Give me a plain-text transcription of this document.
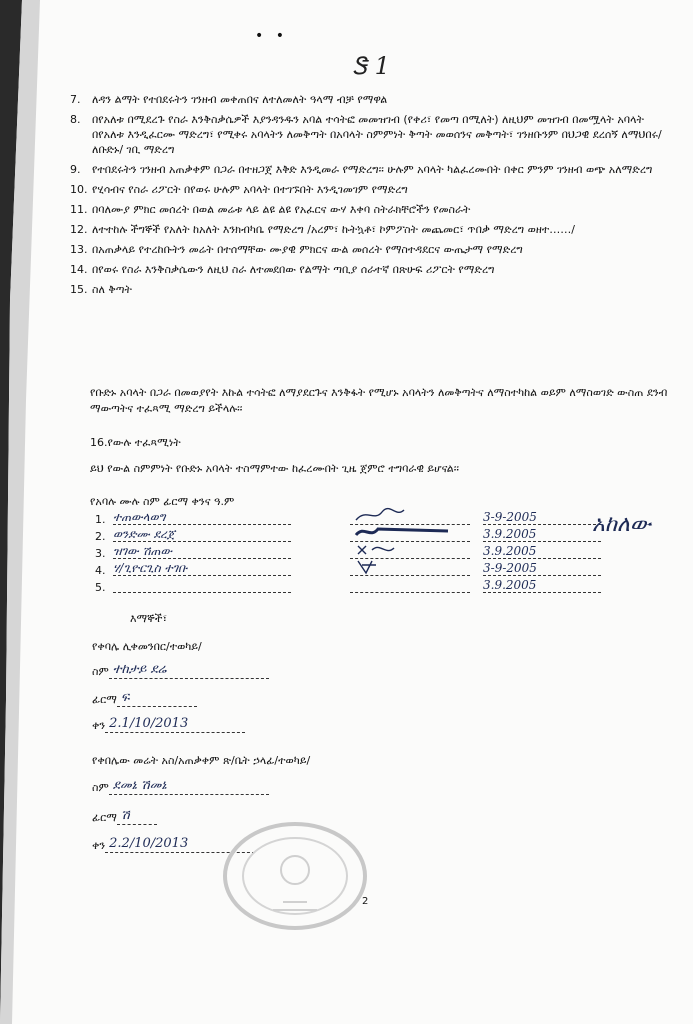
• •
Ꮥ 1
7. ለዳን ልማት የተበደሩትን ገንዘብ መቀጠበና ለተለመለት ዓላማ ብቻ የማዋል
8. በየአለቱ በሚደረጉ የስራ እንቅስቃሴዎች እያንዳንዱን አባል ተሳትፎ መመዝገብ (የቀሪ፣ የመጣ በሚለት) ለዚህም መዝገብ በመሟላት አባላት በየአለቱ እንዲፈርሙ ማድረግ፣ የሚቀሩ አባላትን ለመቅጣት በአባላት ስምምነት ቅጣት መወሰንና መቅጣት፣ ገንዘቡንም በህጋዊ ደረሰኝ ለማህበሩ/ለቡድኑ/ ገቢ ማድረግ
9. የተበደሩትን ገንዘብ አጠቃቀም በጋራ በተዘጋጀ እቅድ እንዲመራ የማድረግ፡፡ ሁሉም አባላት ካልፈረሙበት በቀር ምንም ገንዘብ ወጭ አለማድረግ
10. የሂሳብና የስራ ሪፖርት በየወሩ ሁሉም አባላት በተገኙበት እንዲገመገም የማድረግ
11. በባለሙያ ምክር መሰረት በወል መሬቱ ላይ ልዩ ልዩ የአፈርና ውሃ እቀባ ስትራክቸሮችን የመስራት
12. ለተተከሉ ችግኞች የአለት ከአለት እንክብካቤ የማድረግ /አረም፣ ኩትኳቶ፣ ኮምፖስት መጨመር፣ ጥበቃ ማድረግ ወዘተ……/
13. በአጠቃላይ የተረከቡትን መሬት በተሰማቸው ሙያዊ ምክርና ውል መሰረት የማስተዳደርና ውጤታማ የማድረግ
14. በየወሩ የስራ እንቅስቃሴውን ለዚህ ስራ ለተመደበው የልማት ጣቢያ ሰራተኛ በጽሁፍ ሪፖርት የማድረግ
15. ስለ ቅጣት
የቡድኑ አባላት በጋራ በመወያየት እኩል ተሳትፎ ለማያደርጉና እንቅፋት የሚሆኑ አባላትን ለመቅጣትና ለማስተካከል ወይም ለማስወገድ ውስጠ ደንብ ማውጣትና ተፈጻሚ ማድረግ ይችላሉ፡፡
16.የውሉ ተፈጻሚነት
ይህ የውል ስምምነት የቡድኑ አባላት ተስማምተው ከፈረሙበት ጊዜ ጀምሮ ተግባራዊ ይሆናል፡፡
የአባሉ ሙሉ ስም ፊርማ ቀንና ዓ.ም
1. ተጠውላወግ	3-9-2005
2. ወንድሙ ደረጀ	3.9.2005
3. ዝገው ሽጠው	3.9.2005
4. ሃ/ጊዮርጊስ ተገቡ	3-9-2005
5.	3.9.2005
አከለው
እማኞች፣
የቀባሌ ሊቀመንበር/ተወካይ/
ስም ተከታይ ደሬ
ፊርማ ፍ
ቀን 2.1/10/2013
የቀበሌው መሬት አስ/አጠቃቀም ጽ/ቤት ኃላፊ/ተወካይ/
ስም ደመኔ ሽመኔ
ፊርማ ሽ
ቀን 2.2/10/2013
2
